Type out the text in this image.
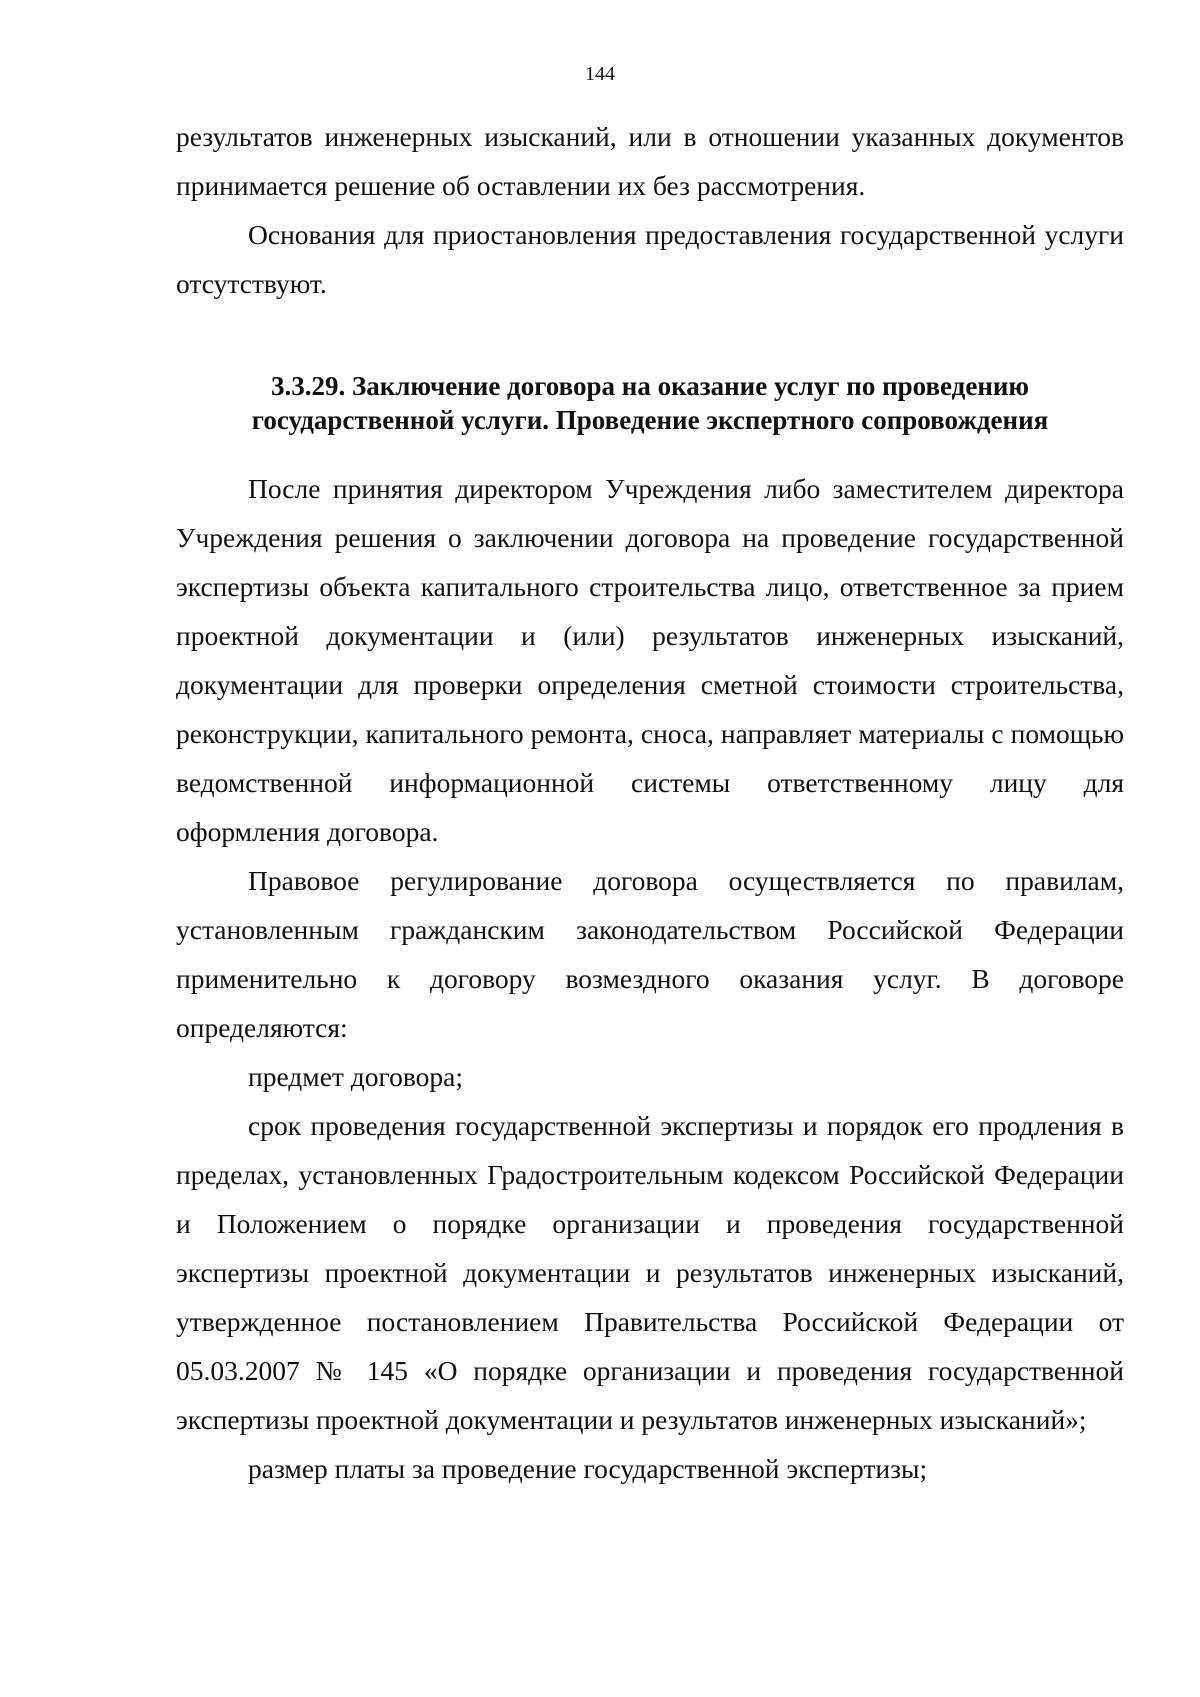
144

результатов инженерных изысканий, или в отношении указанных документов принимается решение об оставлении их без рассмотрения.

Основания для приостановления предоставления государственной услуги отсутствуют.

3.3.29. Заключение договора на оказание услуг по проведению
государственной услуги. Проведение экспертного сопровождения

После принятия директором Учреждения либо заместителем директора Учреждения решения о заключении договора на проведение государственной экспертизы объекта капитального строительства лицо, ответственное за прием проектной документации и (или) результатов инженерных изысканий, документации для проверки определения сметной стоимости строительства, реконструкции, капитального ремонта, сноса, направляет материалы с помощью ведомственной информационной системы ответственному лицу для оформления договора.

Правовое регулирование договора осуществляется по правилам, установленным гражданским законодательством Российской Федерации применительно к договору возмездного оказания услуг. В договоре определяются:

предмет договора;

срок проведения государственной экспертизы и порядок его продления в пределах, установленных Градостроительным кодексом Российской Федерации и Положением о порядке организации и проведения государственной экспертизы проектной документации и результатов инженерных изысканий, утвержденное постановлением Правительства Российской Федерации от 05.03.2007 № 145 «О порядке организации и проведения государственной экспертизы проектной документации и результатов инженерных изысканий»;

размер платы за проведение государственной экспертизы;
